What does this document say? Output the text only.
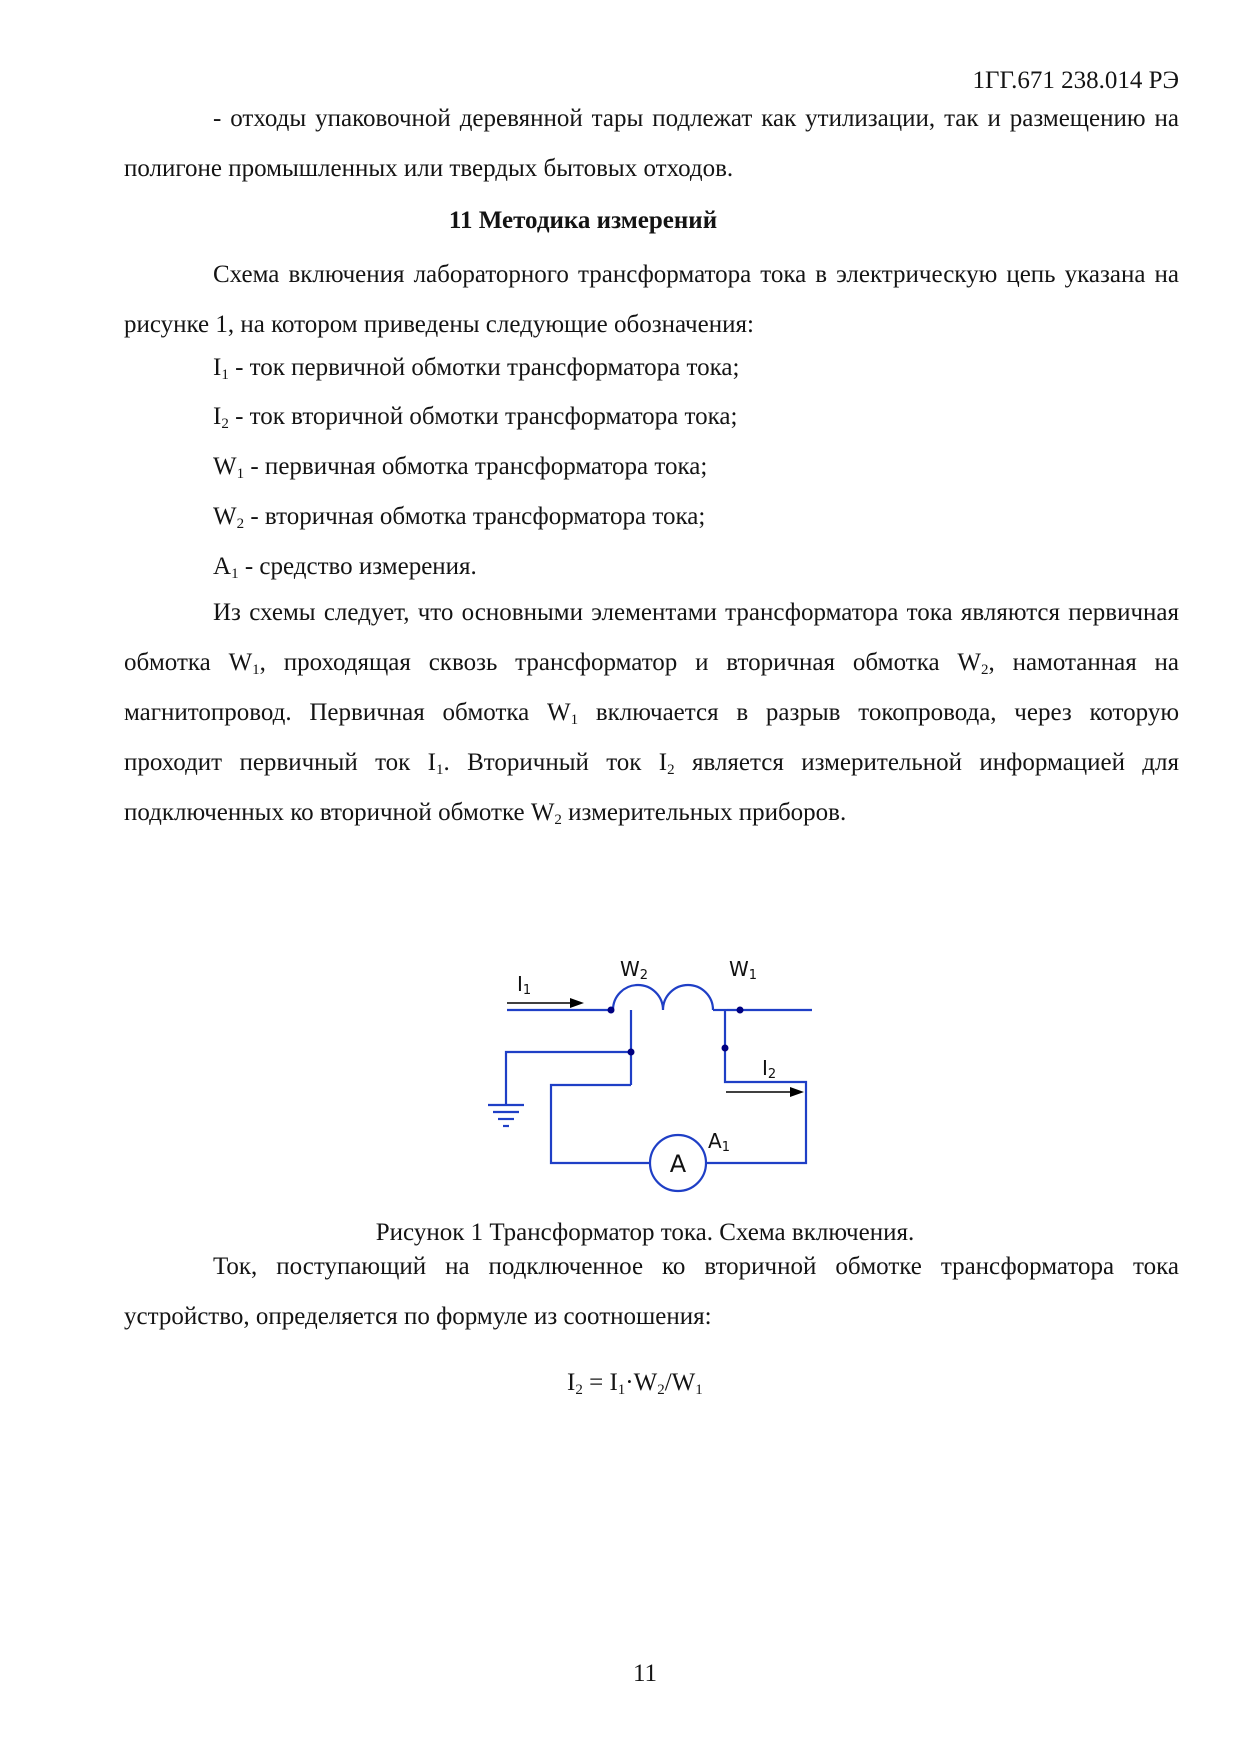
1ГГ.671 238.014 РЭ
- отходы упаковочной деревянной тары подлежат как утилизации, так и размещению на полигоне промышленных или твердых бытовых отходов.
11 Методика измерений
Схема включения лабораторного трансформатора тока в электрическую цепь указана на рисунке 1, на котором приведены следующие обозначения:
$I_1$ - ток первичной обмотки трансформатора тока;
$I_2$ - ток вторичной обмотки трансформатора тока;
$W_1$ - первичная обмотка трансформатора тока;
$W_2$ - вторичная обмотка трансформатора тока;
$A_1$ - средство измерения.
Из схемы следует, что основными элементами трансформатора тока являются первичная обмотка $W_1$, проходящая сквозь трансформатор и вторичная обмотка $W_2$, намотанная на магнитопровод. Первичная обмотка $W_1$ включается в разрыв токопровода, через которую проходит первичный ток $I_1$. Вторичный ток $I_2$ является измерительной информацией для подключенных ко вторичной обмотке $W_2$ измерительных приборов.
I1
W2	W1
I2
A1
A
Рисунок 1 Трансформатор тока. Схема включения.
Ток, поступающий на подключенное ко вторичной обмотке трансформатора тока устройство, определяется по формуле из соотношения:
$I_2 = I_1\cdot W_2/W_1$
11
